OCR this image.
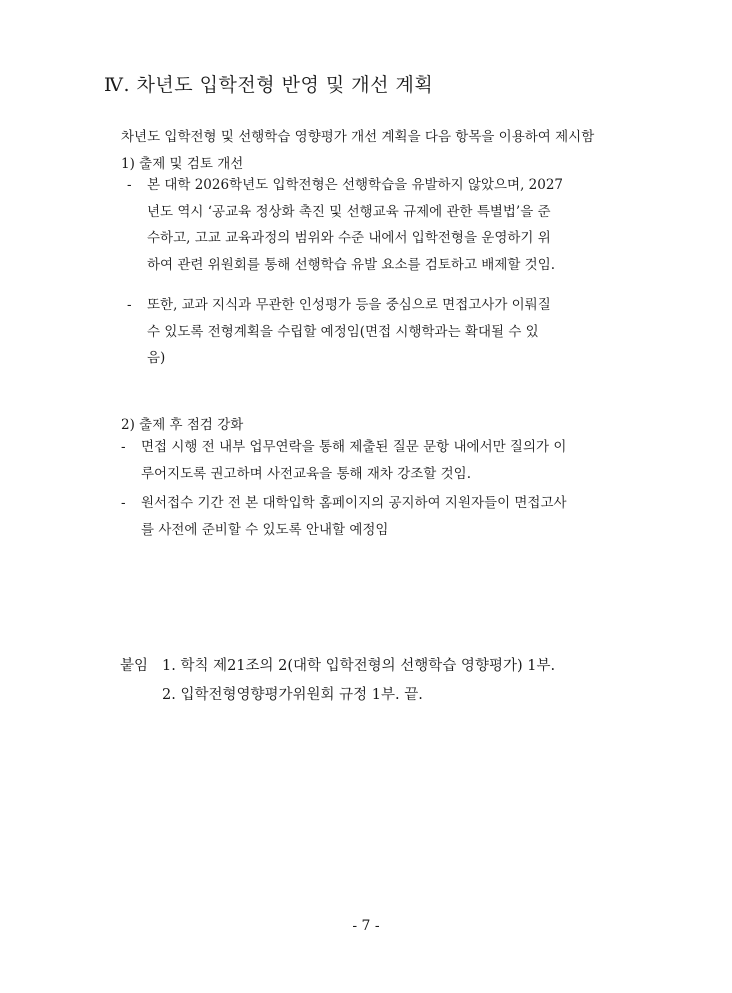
Ⅳ. 차년도 입학전형 반영 및 개선 계획
차년도 입학전형 및 선행학습 영향평가 개선 계획을 다음 항목을 이용하여 제시함
1) 출제 및 검토 개선
- 본 대학 2026학년도 입학전형은 선행학습을 유발하지 않았으며, 2027
년도 역시 ‘공교육 정상화 촉진 및 선행교육 규제에 관한 특별법’을 준
수하고, 고교 교육과정의 범위와 수준 내에서 입학전형을 운영하기 위
하여 관련 위원회를 통해 선행학습 유발 요소를 검토하고 배제할 것임.
- 또한, 교과 지식과 무관한 인성평가 등을 중심으로 면접고사가 이뤄질
수 있도록 전형계획을 수립할 예정임(면접 시행학과는 확대될 수 있
음)
2) 출제 후 점검 강화
- 면접 시행 전 내부 업무연락을 통해 제출된 질문 문항 내에서만 질의가 이
루어지도록 권고하며 사전교육을 통해 재차 강조할 것임.
- 원서접수 기간 전 본 대학입학 홈페이지의 공지하여 지원자들이 면접고사
를 사전에 준비할 수 있도록 안내할 예정임
붙임 1. 학칙 제21조의 2(대학 입학전형의 선행학습 영향평가) 1부.
2. 입학전형영향평가위원회 규정 1부. 끝.
- 7 -
